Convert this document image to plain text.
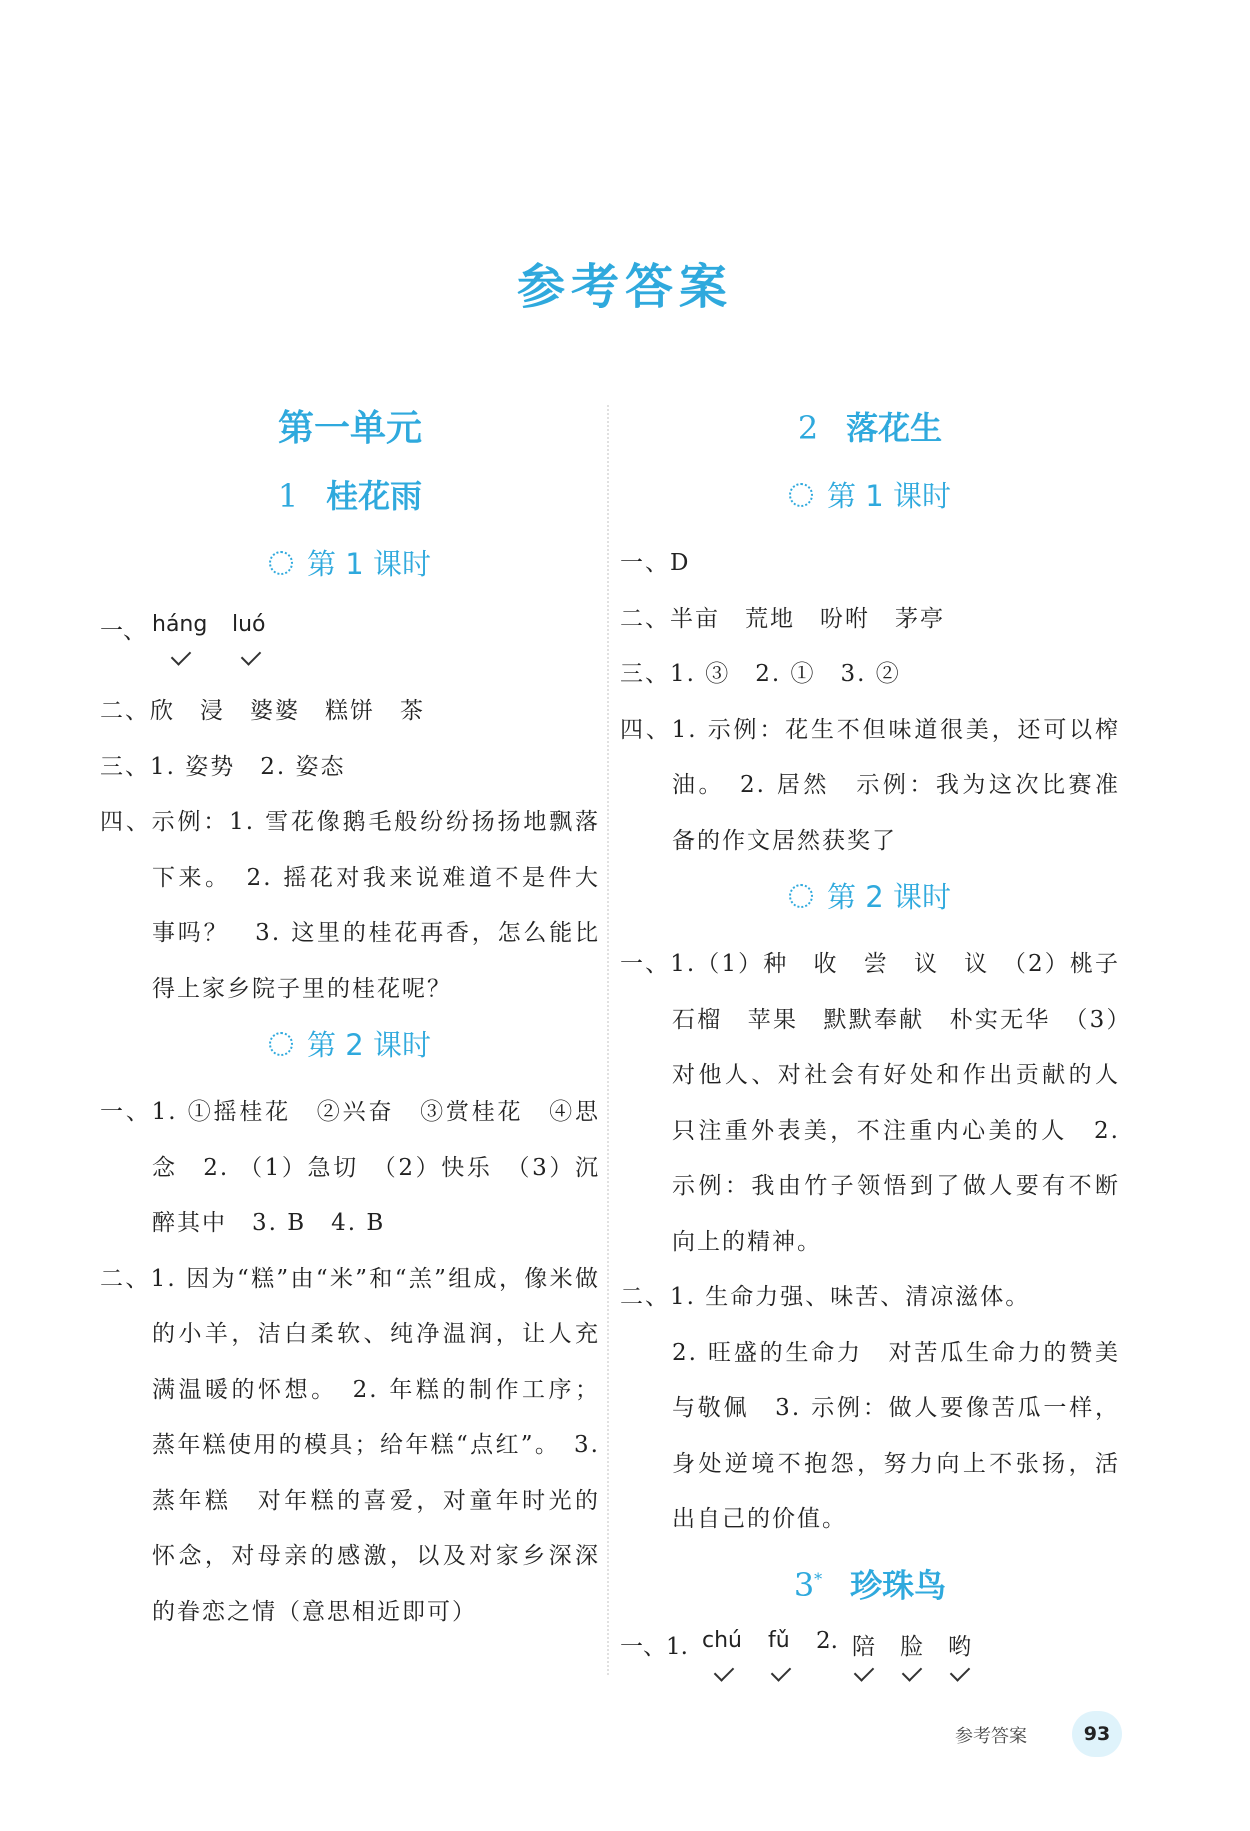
参考答案
第一单元
1 桂花雨
第 1 课时
一、 háng luó
二、欣　浸　婆婆　糕饼　茶
三、1. 姿势　2. 姿态
四、示例：1. 雪花像鹅毛般纷纷扬扬地飘落下来。　2. 摇花对我来说难道不是件大事吗？　3. 这里的桂花再香，怎么能比得上家乡院子里的桂花呢？
第 2 课时
一、1. ①摇桂花　②兴奋　③赏桂花　④思念　2. （1）急切　（2）快乐　（3）沉醉其中　3. B　4. B
二、1. 因为“糕”由“米”和“羔”组成，像米做的小羊，洁白柔软、纯净温润，让人充满温暖的怀想。　2. 年糕的制作工序；蒸年糕使用的模具；给年糕“点红”。　3. 蒸年糕　对年糕的喜爱，对童年时光的怀念，对母亲的感激，以及对家乡深深的眷恋之情（意思相近即可）
2 落花生
第 1 课时
一、D
二、半亩　荒地　吩咐　茅亭
三、1. ③　2. ①　3. ②
四、1. 示例：花生不但味道很美，还可以榨油。　2. 居然　示例：我为这次比赛准备的作文居然获奖了
第 2 课时
一、1.（1）种　收　尝　议　议　（2）桃子　石榴　苹果　默默奉献　朴实无华　（3）对他人、对社会有好处和作出贡献的人　只注重外表美，不注重内心美的人　2. 示例：我由竹子领悟到了做人要有不断向上的精神。
二、1. 生命力强、味苦、清凉滋体。
2. 旺盛的生命力　对苦瓜生命力的赞美与敬佩　3. 示例：做人要像苦瓜一样，身处逆境不抱怨，努力向上不张扬，活出自己的价值。
3* 珍珠鸟
一、1. chú fǔ 2. 陪 脸 哟
参考答案	93
